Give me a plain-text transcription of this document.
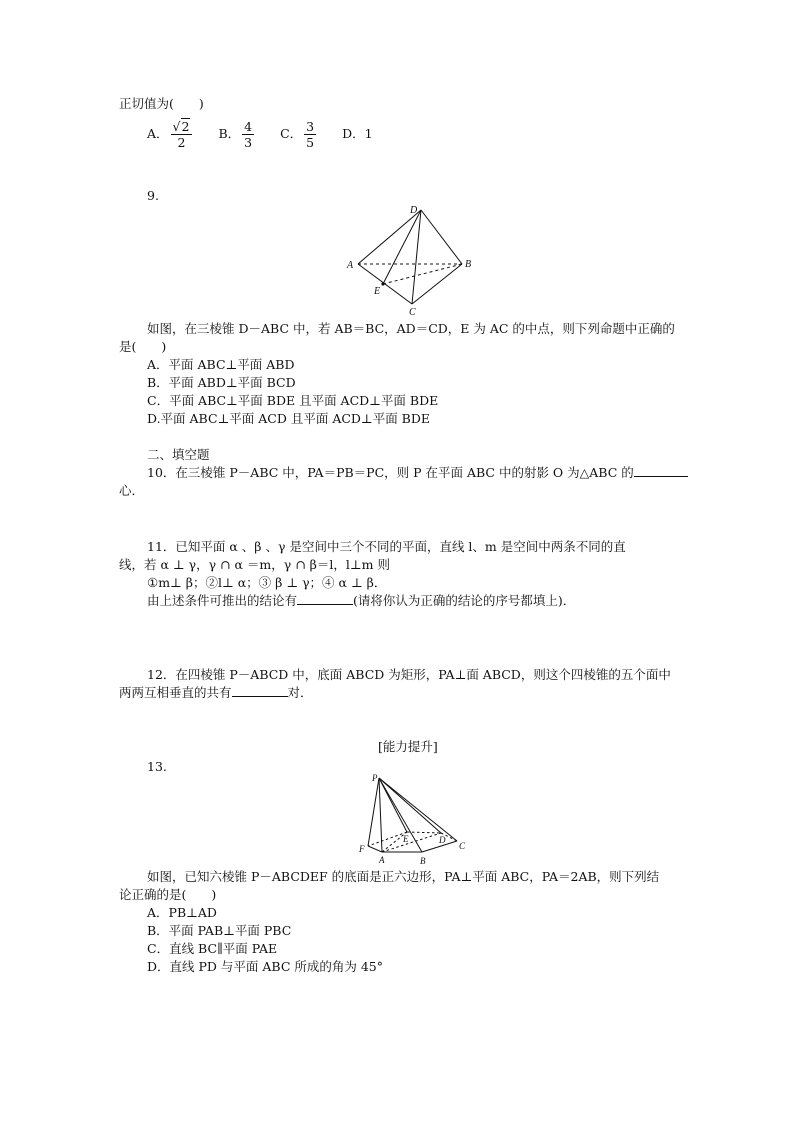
正切值为(　　)
A． $\frac{√2}{2}$ B． $\frac{4}{3}$ C． $\frac{3}{5}$ D．1
9.
D
A	B
E
C
如图，在三棱锥 D－ABC 中，若 AB＝BC，AD＝CD，E 为 AC 的中点，则下列命题中正确的
是(　　)
A．平面 ABC⊥平面 ABD
B．平面 ABD⊥平面 BCD
C．平面 ABC⊥平面 BDE 且平面 ACD⊥平面 BDE
D.平面 ABC⊥平面 ACD 且平面 ACD⊥平面 BDE
二、填空题
10．在三棱锥 P－ABC 中，PA＝PB＝PC，则 P 在平面 ABC 中的射影 O 为△ABC 的
心．
11．已知平面 α 、β 、γ 是空间中三个不同的平面，直线 l、m 是空间中两条不同的直
线，若 α ⊥ γ，γ ∩ α ＝m，γ ∩ β＝l，l⊥m 则
①m⊥ β；②l⊥ α；③ β ⊥ γ；④ α ⊥ β．
由上述条件可推出的结论有	(请将你认为正确的结论的序号都填上)．
12．在四棱锥 P－ABCD 中，底面 ABCD 为矩形，PA⊥面 ABCD，则这个四棱锥的五个面中
两两互相垂直的共有	对．
[能力提升]
13.
P
F
A	B
C
D
E
如图，已知六棱锥 P－ABCDEF 的底面是正六边形，PA⊥平面 ABC，PA＝2AB，则下列结
论正确的是(　　)
A．PB⊥AD
B．平面 PAB⊥平面 PBC
C．直线 BC∥平面 PAE
D．直线 PD 与平面 ABC 所成的角为 45°
